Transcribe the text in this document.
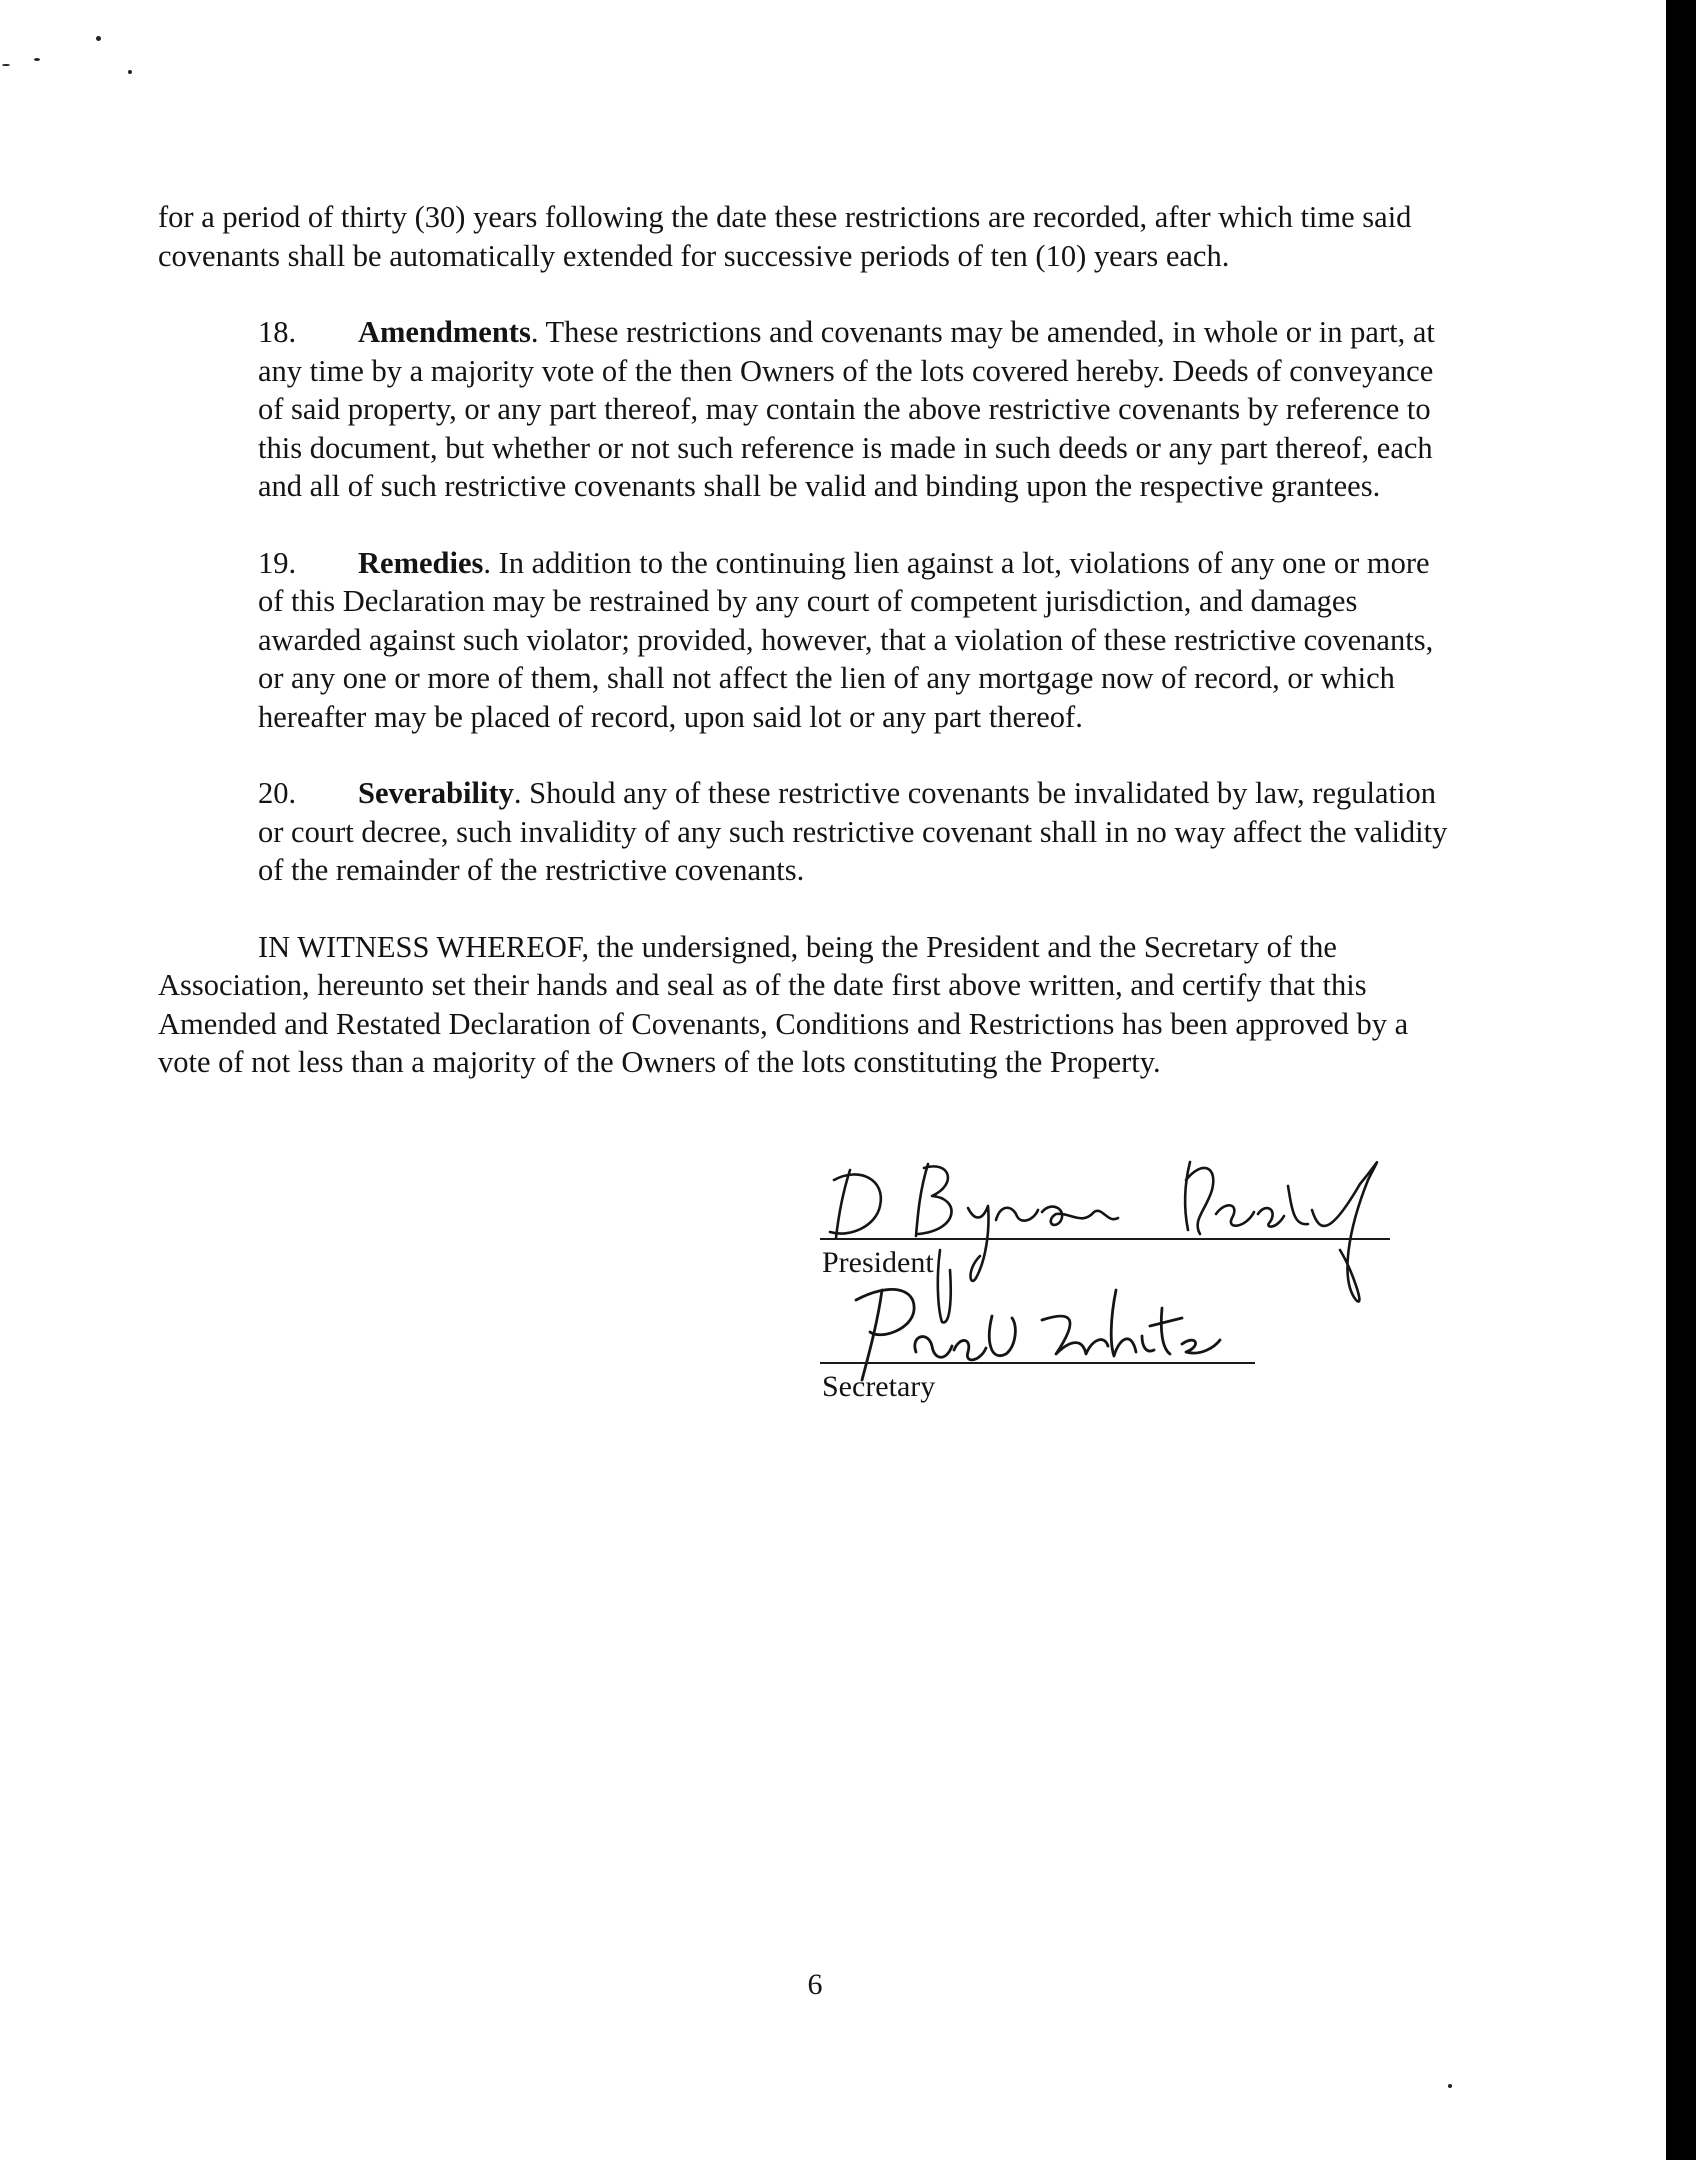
for a period of thirty (30) years following the date these restrictions are recorded, after which time said covenants shall be automatically extended for successive periods of ten (10) years each.

18. Amendments. These restrictions and covenants may be amended, in whole or in part, at any time by a majority vote of the then Owners of the lots covered hereby. Deeds of conveyance of said property, or any part thereof, may contain the above restrictive covenants by reference to this document, but whether or not such reference is made in such deeds or any part thereof, each and all of such restrictive covenants shall be valid and binding upon the respective grantees.

19. Remedies. In addition to the continuing lien against a lot, violations of any one or more of this Declaration may be restrained by any court of competent jurisdiction, and damages awarded against such violator; provided, however, that a violation of these restrictive covenants, or any one or more of them, shall not affect the lien of any mortgage now of record, or which hereafter may be placed of record, upon said lot or any part thereof.

20. Severability. Should any of these restrictive covenants be invalidated by law, regulation or court decree, such invalidity of any such restrictive covenant shall in no way affect the validity of the remainder of the restrictive covenants.

IN WITNESS WHEREOF, the undersigned, being the President and the Secretary of the Association, hereunto set their hands and seal as of the date first above written, and certify that this Amended and Restated Declaration of Covenants, Conditions and Restrictions has been approved by a vote of not less than a majority of the Owners of the lots constituting the Property.

President
Secretary
6
